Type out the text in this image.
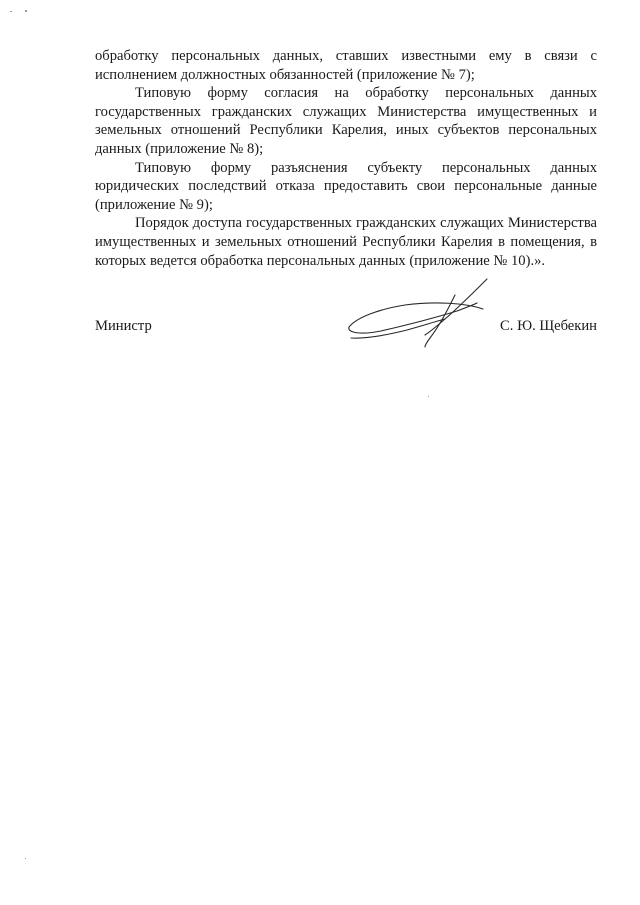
обработку персональных данных, ставших известными ему в связи с исполнением должностных обязанностей (приложение № 7);

Типовую форму согласия на обработку персональных данных государственных гражданских служащих Министерства имущественных и земельных отношений Республики Карелия, иных субъектов персональных данных (приложение № 8);

Типовую форму разъяснения субъекту персональных данных юридических последствий отказа предоставить свои персональные данные (приложение № 9);

Порядок доступа государственных гражданских служащих Министерства имущественных и земельных отношений Республики Карелия в помещения, в которых ведется обработка персональных данных (приложение № 10).».

Министр	С. Ю. Щебекин
